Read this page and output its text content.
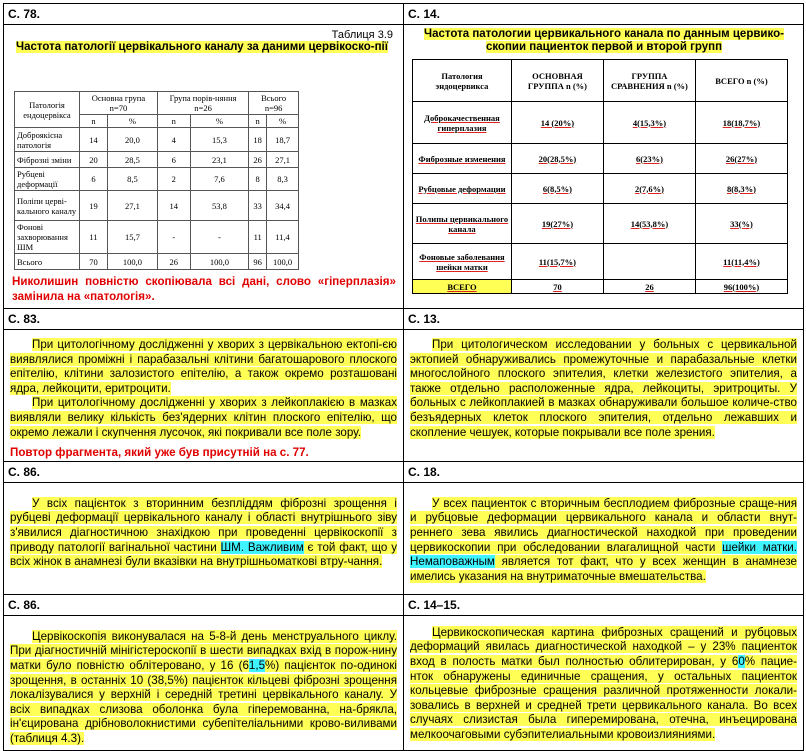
С. 78.	С. 14.

Таблиця 3.9
Частота патології цервікального каналу за даними цервікоско-пії
Патологія ендоцервікса	Основна група n=70	Група порів-няння n=26	Всього n=96
n	%	n	%	n	%
Доброякісна патологія	14	20,0	4	15,3	18	18,7
Фіброзні зміни	20	28,5	6	23,1	26	27,1
Рубцеві деформації	6	8,5	2	7,6	8	8,3
Поліпи церві-кального каналу	19	27,1	14	53,8	33	34,4
Фонові захворювання ШМ	11	15,7	-	-	11	11,4
Всього	70	100,0	26	100,0	96	100,0
Николишин повністю скопіювала всі дані, слово «гіперплазія» замінила на «патологія».

Частота патологии цервикального канала по данным цервико-скопии пациенток первой и второй групп
Патология эндоцервикса	ОСНОВНАЯ ГРУППА n (%)	ГРУППА СРАВНЕНИЯ n (%)	ВСЕГО n (%)
Доброкачественная гиперплазия	14 (20%)	4(15,3%)	18(18,7%)
Фиброзные изменения	20(28,5%)	6(23%)	26(27%)
Рубцовые деформации	6(8,5%)	2(7,6%)	8(8,3%)
Полипы цервикального канала	19(27%)	14(53,8%)	33(%)
Фоновые заболевания шейки матки	11(15,7%)		11(11,4%)
ВСЕГО	70	26	96(100%)

С. 83.	С. 13.

При цитологічному дослідженні у хворих з цервікальною ектопі-єю виявлялися проміжні і парабазальні клітини багатошарового плоского епітелію, клітини залозистого епітелію, а також окремо розташовані ядра, лейкоцити, еритроцити.

При цитологічному дослідженні у хворих з лейкоплакією в мазках виявляли велику кількість без'ядерних клітин плоского епітелію, що окремо лежали і скупчення лусочок, які покривали все поле зору.

Повтор фрагмента, який уже був присутній на с. 77.

При цитологическом исследовании у больных с цервикальной эктопией обнаруживались промежуточные и парабазальные клетки многослойного плоского эпителия, клетки железистого эпителия, а также отдельно расположенные ядра, лейкоциты, эритроциты. У больных с лейкоплакией в мазках обнаруживали большое количе-ство безъядерных клеток плоского эпителия, отдельно лежавших и скопление чешуек, которые покрывали все поле зрения.

С. 86.	С. 18.

У всіх пацієнток з вторинним безпліддям фіброзні зрощення і рубцеві деформації цервікального каналу і області внутрішнього зіву з'явилися діагностичною знахідкою при проведенні цервікоскопії з приводу патології вагінальної частини ШМ. Важливим є той факт, що у всіх жінок в анамнезі були вказівки на внутрішньоматкові втру-чання.

У всех пациенток с вторичным бесплодием фиброзные сраще-ния и рубцовые деформации цервикального канала и области внут-реннего зева явились диагностической находкой при проведении цервикоскопии при обследовании влагалищной части шейки матки. Немаповажным является тот факт, что у всех женщин в анамнезе имелись указания на внутриматочные вмешательства.

С. 86.	С. 14–15.

Цервікоскопія виконувалася на 5-8-й день менструального циклу. При діагностичній мінігістероскопії в шести випадках вхід в порож-нину матки було повністю облітеровано, у 16 (61,5%) пацієнток по-одинокі зрощення, в останніх 10 (38,5%) пацієнток кільцеві фіброзні зрощення локалізувалися у верхній і середній третині цервікального каналу. У всіх випадках слизова оболонка була гіперемованна, на-брякла, ін'єцирована дрібноволокнистими субепітеліальними крово-виливами (таблиця 4.3).

Цервикоскопическая картина фиброзных сращений и рубцовых деформаций явилась диагностической находкой – у 23% пациенток вход в полость матки был полностью облитерирован, у 60% пацие-нток обнаружены единичные сращения, у остальных пациенток кольцевые фиброзные сращения различной протяженности локали-зовались в верхней и средней трети цервикального канала. Во всех случаях слизистая была гиперемирована, отечна, инъецирована мелкоочаговыми субэпителиальными кровоизлияниями.
